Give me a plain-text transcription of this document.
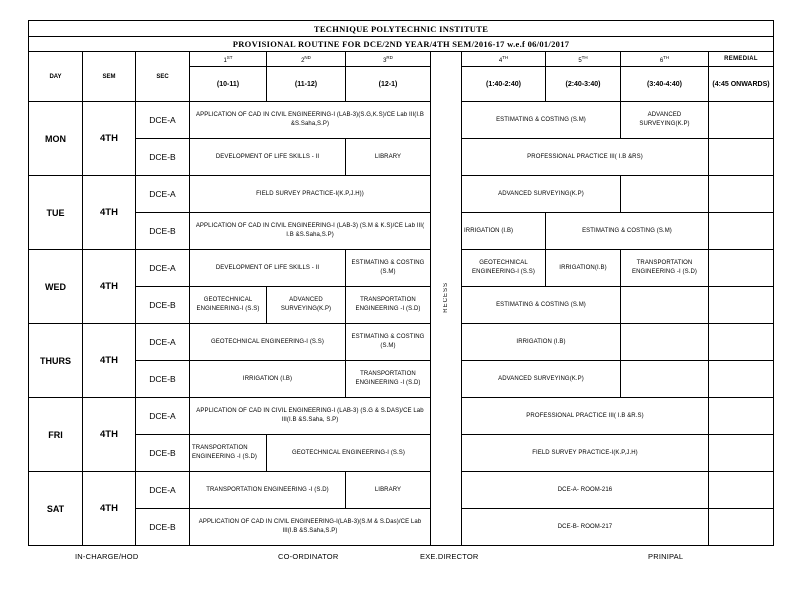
TECHNIQUE POLYTECHNIC INSTITUTE										
PROVISIONAL ROUTINE FOR DCE/2ND YEAR/4TH SEM/2016-17 w.e.f 06/01/2017										
DAY	SEM	SEC	1ST	2ND	3RD	RECESS	4TH	5TH	6TH	REMEDIAL
			(10-11)	(11-12)	(12-1)		(1:40-2:40)	(2:40-3:40)	(3:40-4:40)	(4:45 ONWARDS)
MON	4TH	DCE-A	APPLICATION OF CAD IN CIVIL ENGINEERING-I (LAB-3)(S.G,K.S)/CE Lab III(I.B &S.Saha,S.P)				ESTIMATING & COSTING (S.M)		ADVANCED SURVEYING(K.P)	
		DCE-B	DEVELOPMENT OF LIFE SKILLS - II		LIBRARY		PROFESSIONAL PRACTICE III( I.B &RS)			
TUE	4TH	DCE-A	FIELD SURVEY PRACTICE-I(K.P,J.H))				ADVANCED SURVEYING(K.P)			
		DCE-B	APPLICATION OF CAD IN CIVIL ENGINEERING-I (LAB-3) (S.M & K.S)/CE Lab III( I.B &S.Saha,S.P)				IRRIGATION (I.B)	ESTIMATING & COSTING (S.M)		
WED	4TH	DCE-A	DEVELOPMENT OF LIFE SKILLS - II		ESTIMATING & COSTING (S.M)		GEOTECHNICAL ENGINEERING-I (S.S)	IRRIGATION(I.B)	TRANSPORTATION ENGINEERING -I (S.D)	
		DCE-B	GEOTECHNICAL ENGINEERING-I (S.S)	ADVANCED SURVEYING(K.P)	TRANSPORTATION ENGINEERING -I (S.D)		ESTIMATING & COSTING (S.M)			
THURS	4TH	DCE-A	GEOTECHNICAL ENGINEERING-I (S.S)		ESTIMATING & COSTING (S.M)		IRRIGATION (I.B)			
		DCE-B	IRRIGATION (I.B)		TRANSPORTATION ENGINEERING -I (S.D)		ADVANCED SURVEYING(K.P)			
FRI	4TH	DCE-A	APPLICATION OF CAD IN CIVIL ENGINEERING-I (LAB-3) (S.G & S.DAS)/CE Lab III(I.B &S.Saha, S.P)				PROFESSIONAL PRACTICE III( I.B &R.S)			
		DCE-B	TRANSPORTATION ENGINEERING -I (S.D)	GEOTECHNICAL ENGINEERING-I (S.S)			FIELD SURVEY PRACTICE-I(K.P,J.H)			
SAT	4TH	DCE-A	TRANSPORTATION ENGINEERING -I (S.D)		LIBRARY		DCE-A- ROOM-216			
		DCE-B	APPLICATION OF CAD IN CIVIL ENGINEERING-I(LAB-3)(S.M & S.Das)/CE Lab III(I.B &S.Saha,S.P)				DCE-B- ROOM-217			
IN-CHARGE/HOD	CO-ORDINATOR	EXE.DIRECTOR	PRINIPAL
